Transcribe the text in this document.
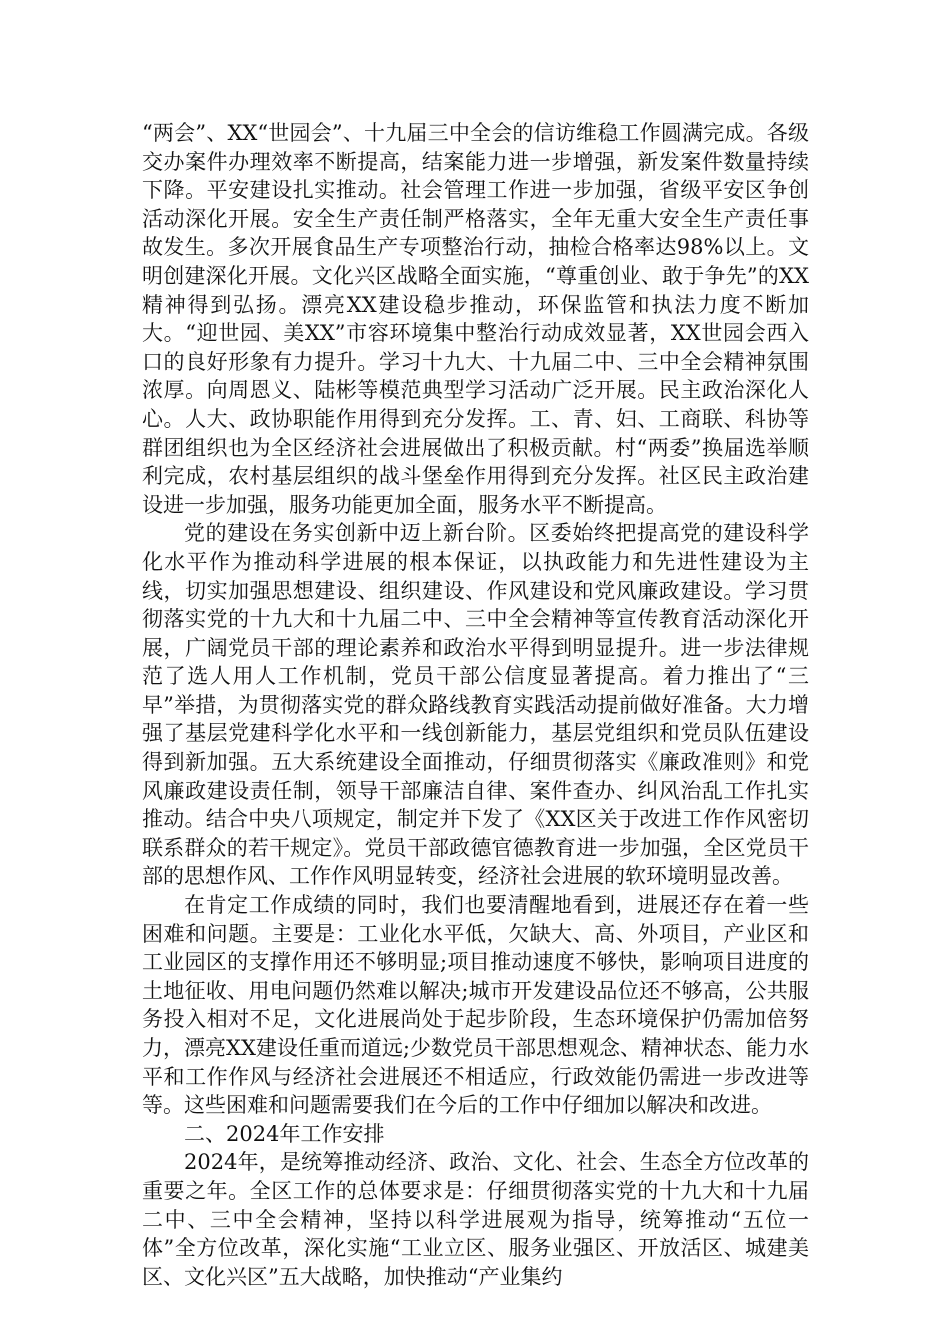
“两会”、XX“世园会”、十九届三中全会的信访维稳工作圆满完成。各级交办案件办理效率不断提高，结案能力进一步增强，新发案件数量持续下降。平安建设扎实推动。社会管理工作进一步加强，省级平安区争创活动深化开展。安全生产责任制严格落实，全年无重大安全生产责任事故发生。多次开展食品生产专项整治行动，抽检合格率达98%以上。文明创建深化开展。文化兴区战略全面实施，“尊重创业、敢于争先”的XX精神得到弘扬。漂亮XX建设稳步推动，环保监管和执法力度不断加大。“迎世园、美XX”市容环境集中整治行动成效显著，XX世园会西入口的良好形象有力提升。学习十九大、十九届二中、三中全会精神氛围浓厚。向周恩义、陆彬等模范典型学习活动广泛开展。民主政治深化人心。人大、政协职能作用得到充分发挥。工、青、妇、工商联、科协等群团组织也为全区经济社会进展做出了积极贡献。村“两委”换届选举顺利完成，农村基层组织的战斗堡垒作用得到充分发挥。社区民主政治建设进一步加强，服务功能更加全面，服务水平不断提高。

党的建设在务实创新中迈上新台阶。区委始终把提高党的建设科学化水平作为推动科学进展的根本保证，以执政能力和先进性建设为主线，切实加强思想建设、组织建设、作风建设和党风廉政建设。学习贯彻落实党的十九大和十九届二中、三中全会精神等宣传教育活动深化开展，广阔党员干部的理论素养和政治水平得到明显提升。进一步法律规范了选人用人工作机制，党员干部公信度显著提高。着力推出了“三早”举措，为贯彻落实党的群众路线教育实践活动提前做好准备。大力增强了基层党建科学化水平和一线创新能力，基层党组织和党员队伍建设得到新加强。五大系统建设全面推动，仔细贯彻落实《廉政准则》和党风廉政建设责任制，领导干部廉洁自律、案件查办、纠风治乱工作扎实推动。结合中央八项规定，制定并下发了《XX区关于改进工作作风密切联系群众的若干规定》。党员干部政德官德教育进一步加强，全区党员干部的思想作风、工作作风明显转变，经济社会进展的软环境明显改善。

在肯定工作成绩的同时，我们也要清醒地看到，进展还存在着一些困难和问题。主要是：工业化水平低，欠缺大、高、外项目，产业区和工业园区的支撑作用还不够明显;项目推动速度不够快，影响项目进度的土地征收、用电问题仍然难以解决;城市开发建设品位还不够高，公共服务投入相对不足，文化进展尚处于起步阶段，生态环境保护仍需加倍努力，漂亮XX建设任重而道远;少数党员干部思想观念、精神状态、能力水平和工作作风与经济社会进展还不相适应，行政效能仍需进一步改进等等。这些困难和问题需要我们在今后的工作中仔细加以解决和改进。

二、2024年工作安排

2024年，是统筹推动经济、政治、文化、社会、生态全方位改革的重要之年。全区工作的总体要求是：仔细贯彻落实党的十九大和十九届二中、三中全会精神，坚持以科学进展观为指导，统筹推动“五位一体”全方位改革，深化实施“工业立区、服务业强区、开放活区、城建美区、文化兴区”五大战略，加快推动“产业集约
